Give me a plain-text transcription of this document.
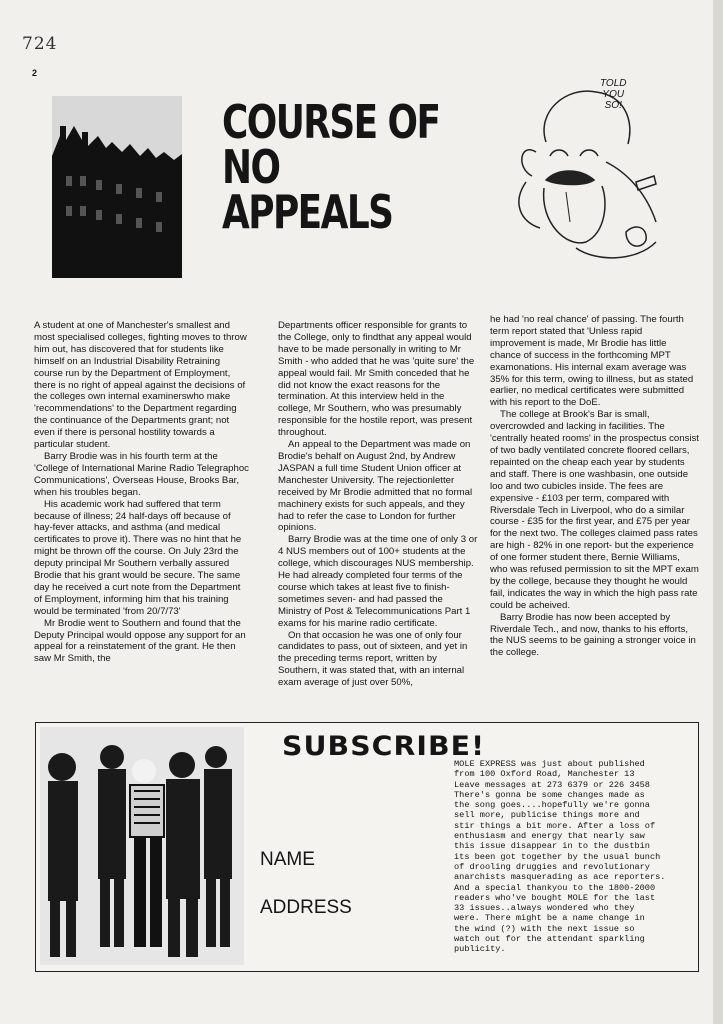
724
2
COURSE OF
NO
APPEALS
TOLD
YOU
SO!

A student at one of Manchester's smallest and most specialised colleges, fighting moves to throw him out, has discovered that for students like himself on an Industrial Disability Retraining course run by the Department of Employment, there is no right of appeal against the decisions of the colleges own internal examinerswho make 'recommendations' to the Department regarding the continuance of the Departments grant; not even if there is personal hostility towards a particular student.

Barry Brodie was in his fourth term at the 'College of International Marine Radio Telegraphoc Communications', Overseas House, Brooks Bar, when his troubles began.

His academic work had suffered that term because of illness; 24 half-days off because of hay-fever attacks, and asthma (and medical certificates to prove it). There was no hint that he might be thrown off the course. On July 23rd the deputy principal Mr Southern verbally assured Brodie that his grant would be secure. The same day he received a curt note from the Department of Employment, informing him that his training would be terminated 'from 20/7/73'

Mr Brodie went to Southern and found that the Deputy Principal would oppose any support for an appeal for a reinstatement of the grant. He then saw Mr Smith, the

Departments officer responsible for grants to the College, only to findthat any appeal would have to be made personally in writing to Mr Smith - who added that he was 'quite sure' the appeal would fail. Mr Smith conceded that he did not know the exact reasons for the termination. At this interview held in the college, Mr Southern, who was presumably responsible for the hostile report, was present throughout.

An appeal to the Department was made on Brodie's behalf on August 2nd, by Andrew JASPAN a full time Student Union officer at Manchester University. The rejectionletter received by Mr Brodie admitted that no formal machinery exists for such appeals, and they had to refer the case to London for further opinions.

Barry Brodie was at the time one of only 3 or 4 NUS members out of 100+ students at the college, which discourages NUS membership. He had already completed four terms of the course which takes at least five to finish- sometimes seven- and had passed the Ministry of Post & Telecommunications Part 1 exams for his marine radio certificate.

On that occasion he was one of only four candidates to pass, out of sixteen, and yet in the preceding terms report, written by Southern, it was stated that, with an internal exam average of just over 50%,

he had 'no real chance' of passing. The fourth term report stated that 'Unless rapid improvement is made, Mr Brodie has little chance of success in the forthcoming MPT examonations. His internal exam average was 35% for this term, owing to illness, but as stated earlier, no medical certificates were submitted with his report to the DoE.

The college at Brook's Bar is small, overcrowded and lacking in facilities. The 'centrally heated rooms' in the prospectus consist of two badly ventilated concrete floored cellars, repainted on the cheap each year by students and staff. There is one washbasin, one outside loo and two cubicles inside. The fees are expensive - £103 per term, compared with Riversdale Tech in Liverpool, who do a similar course - £35 for the first year, and £75 per year for the next two. The colleges claimed pass rates are high - 82% in one report- but the experience of one former student there, Bernie Williams, who was refused permission to sit the MPT exam by the college, because they thought he would fail, indicates the way in which the high pass rate could be acheived.

Barry Brodie has now been accepted by Riverdale Tech., and now, thanks to his efforts, the NUS seems to be gaining a stronger voice in the college.

SUBSCRIBE!
NAME
ADDRESS
MOLE EXPRESS was just about published
from 100 Oxford Road, Manchester 13
Leave messages at 273 6379 or 226 3458
There's gonna be some changes made as
the song goes....hopefully we're gonna
sell more, publicise things more and
stir things a bit more. After a loss of
enthusiasm and energy that nearly saw
this issue disappear in to the dustbin
its been got together by the usual bunch
of drooling druggies and revolutionary
anarchists masquerading as ace reporters.
And a special thankyou to the 1800-2000
readers who've bought MOLE for the last
33 issues..always wondered who they
were. There might be a name change in
the wind (?) with the next issue so
watch out for the attendant sparkling
publicity.
